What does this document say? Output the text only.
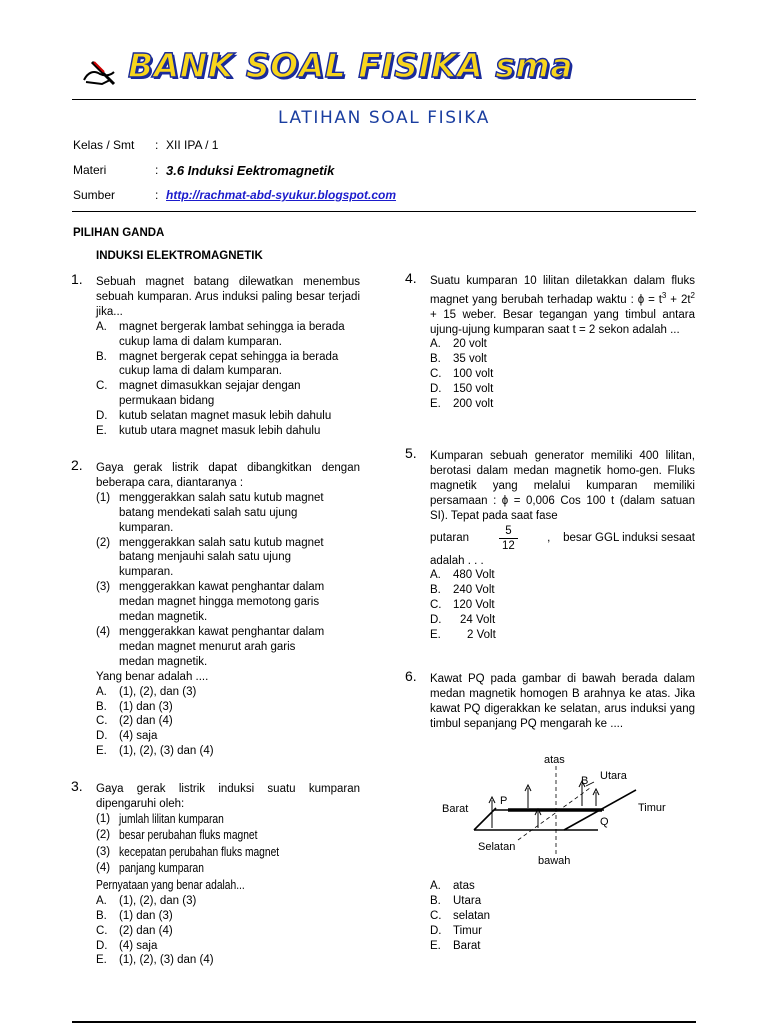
BANK SOAL FISIKA sma
LATIHAN SOAL FISIKA
Kelas / Smt	: XII IPA / 1
Materi	: 3.6 Induksi Eektromagnetik
Sumber	: http://rachmat-abd-syukur.blogspot.com
PILIHAN GANDA
INDUKSI ELEKTROMAGNETIK
1. Sebuah magnet batang dilewatkan menembus sebuah kumparan. Arus induksi paling besar terjadi jika...
A. magnet bergerak lambat sehingga ia berada cukup lama di dalam kumparan.
B. magnet bergerak cepat sehingga ia berada cukup lama di dalam kumparan.
C. magnet dimasukkan sejajar dengan permukaan bidang
D. kutub selatan magnet masuk lebih dahulu
E. kutub utara magnet masuk lebih dahulu
2. Gaya gerak listrik dapat dibangkitkan dengan beberapa cara, diantaranya :
(1) menggerakkan salah satu kutub magnet batang mendekati salah satu ujung kumparan.
(2) menggerakkan salah satu kutub magnet batang menjauhi salah satu ujung kumparan.
(3) menggerakkan kawat penghantar dalam medan magnet hingga memotong garis medan magnetik.
(4) menggerakkan kawat penghantar dalam medan magnet menurut arah garis medan magnetik.
Yang benar adalah ....
A. (1), (2), dan (3)
B. (1) dan (3)
C. (2) dan (4)
D. (4) saja
E. (1), (2), (3) dan (4)
3. Gaya gerak listrik induksi suatu kumparan dipengaruhi oleh:
(1) jumlah lilitan kumparan
(2) besar perubahan fluks magnet
(3) kecepatan perubahan fluks magnet
(4) panjang kumparan
Pernyataan yang benar adalah...
A. (1), (2), dan (3)
B. (1) dan (3)
C. (2) dan (4)
D. (4) saja
E. (1), (2), (3) dan (4)
4. Suatu kumparan 10 lilitan diletakkan dalam fluks magnet yang berubah terhadap waktu : $\phi = t^3 + 2t^2 + 15$ weber. Besar tegangan yang timbul antara ujung-ujung kumparan saat t = 2 sekon adalah ...
A. 20 volt
B. 35 volt
C. 100 volt
D. 150 volt
E. 200 volt
5. Kumparan sebuah generator memiliki 400 lilitan, berotasi dalam medan magnetik homo-gen. Fluks magnetik yang melalui kumparan memiliki persamaan : ϕ = 0,006 Cos 100 t (dalam satuan SI). Tepat pada saat fase
putaran	$\frac{5}{12}$	,    besar GGL induksi sesaat
adalah . . .
A. 480 Volt
B. 240 Volt
C. 120 Volt
D. 24 Volt
E. 2 Volt
6. Kawat PQ pada gambar di bawah berada dalam medan magnetik homogen B arahnya ke atas. Jika kawat PQ digerakkan ke selatan, arus induksi yang timbul sepanjang PQ mengarah ke ....
atas
Utara
B
Barat
P
Timur
Q
Selatan
bawah
A. atas
B. Utara
C. selatan
D. Timur
E. Barat
